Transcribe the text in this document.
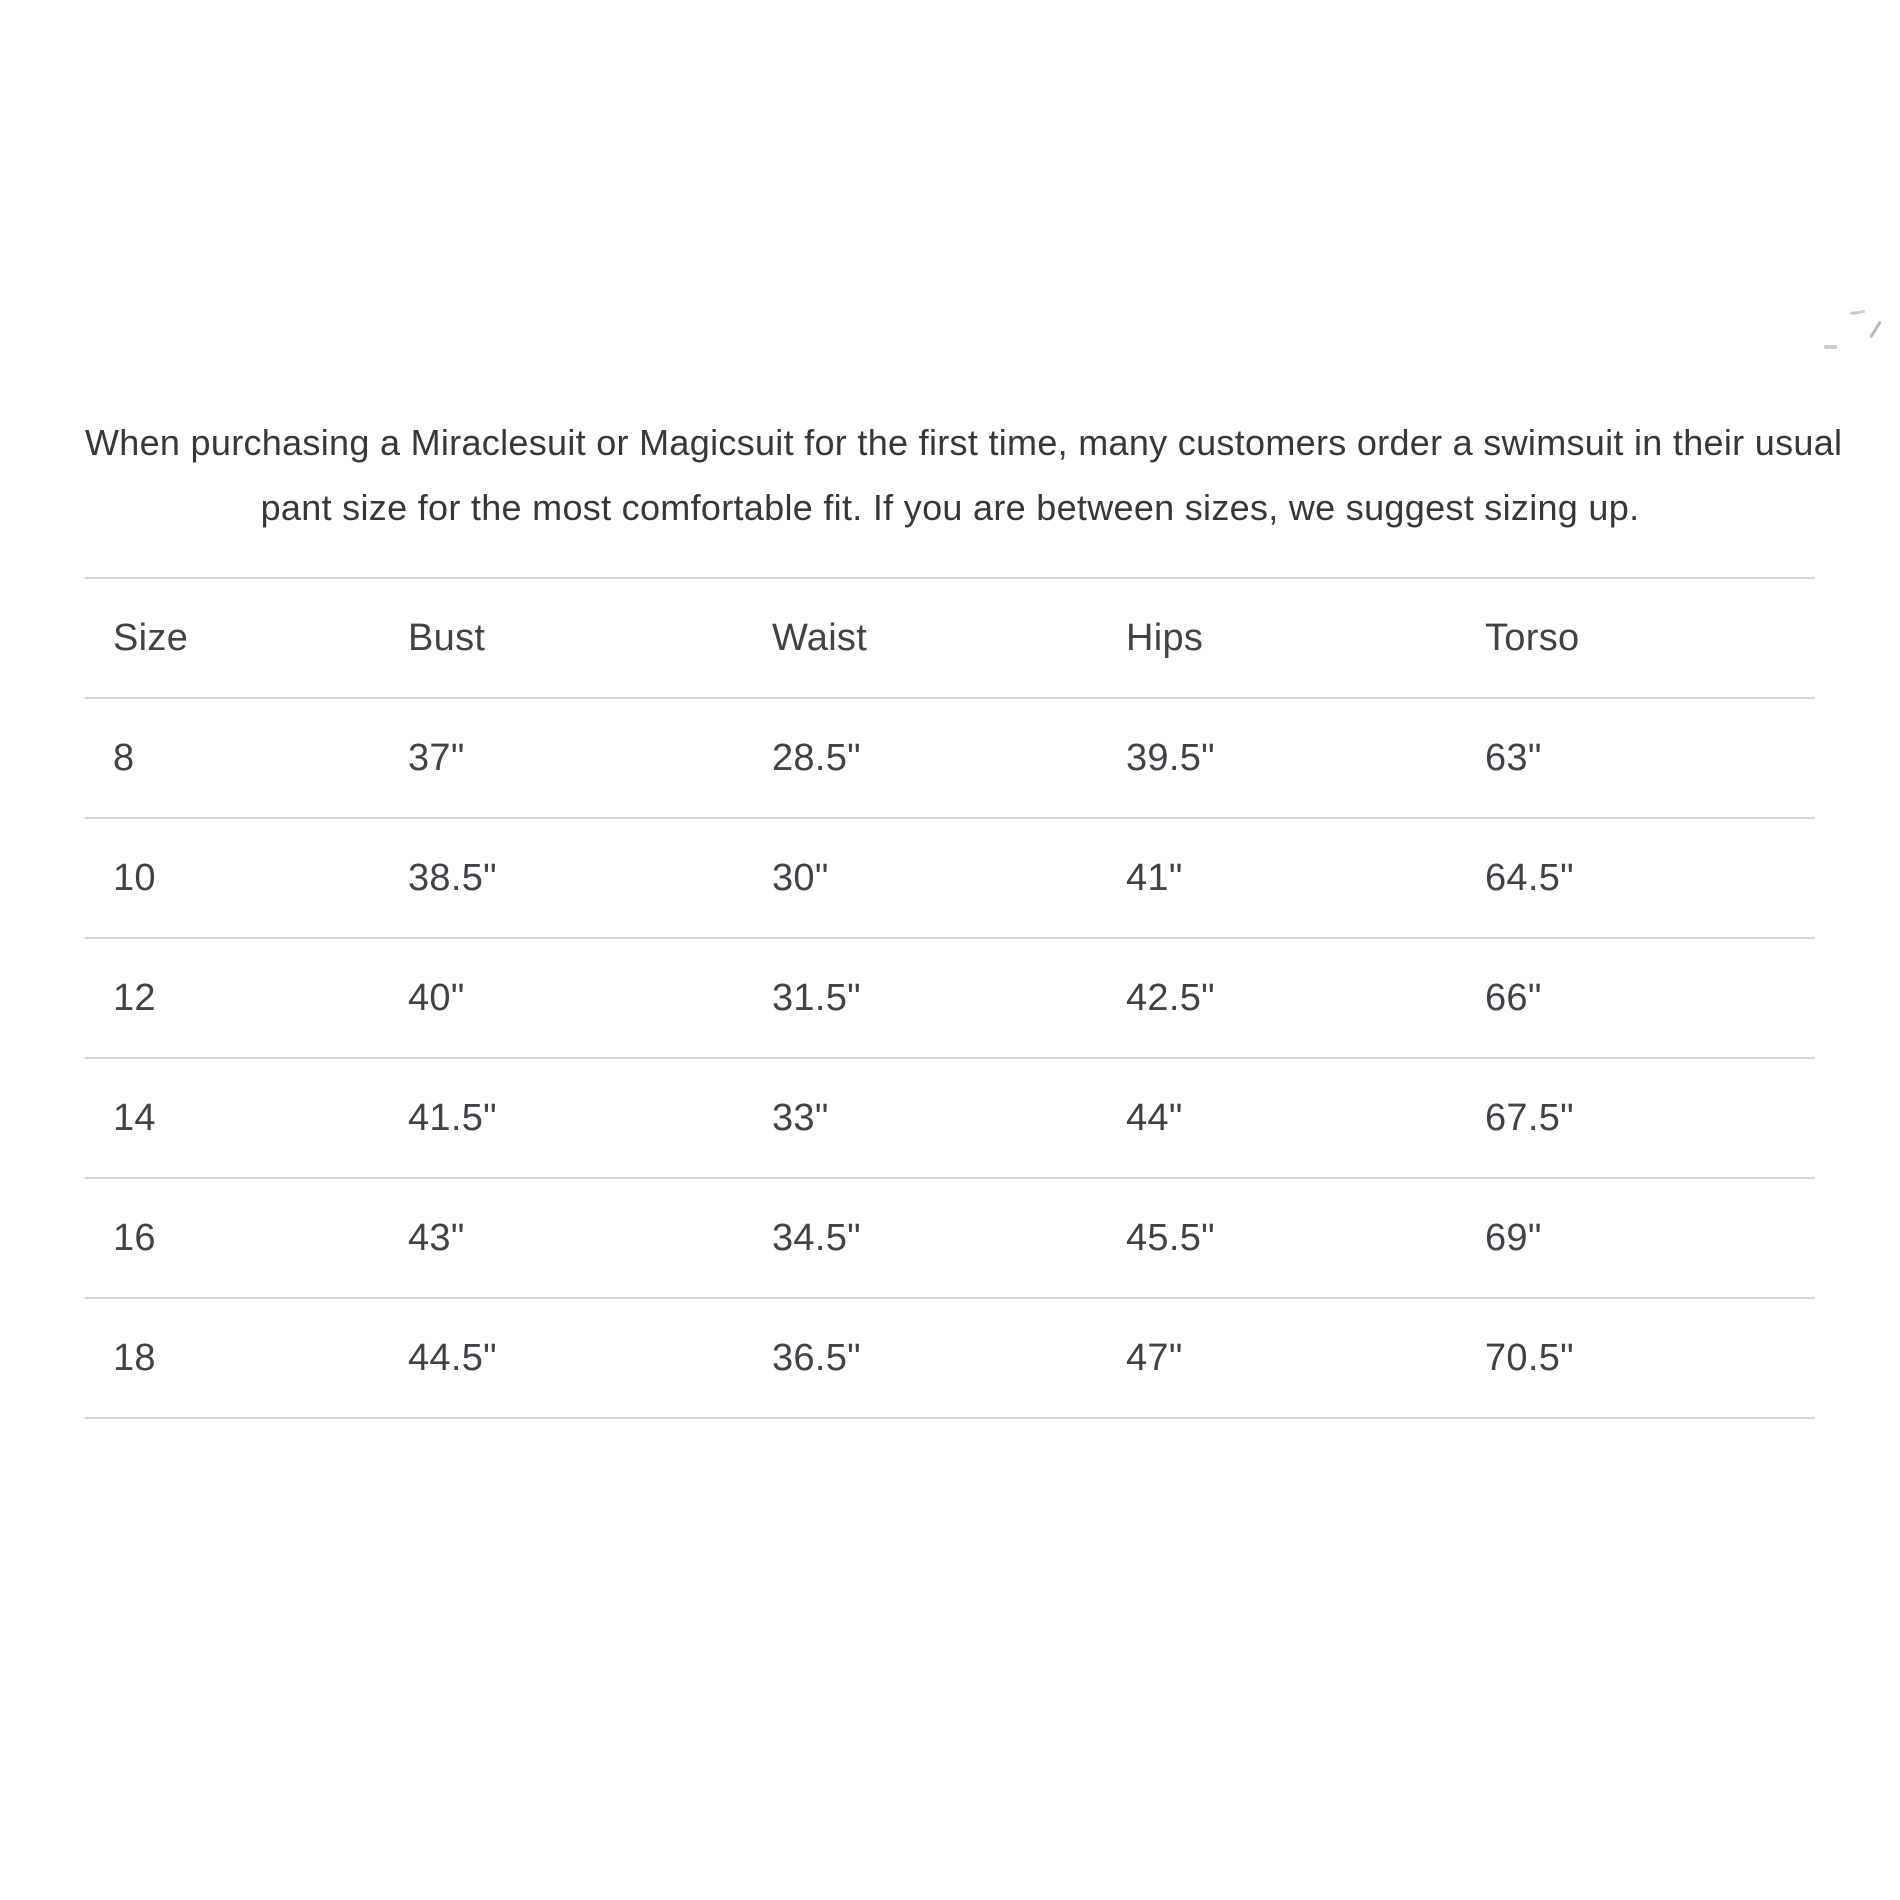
When purchasing a Miraclesuit or Magicsuit for the first time, many customers order a swimsuit in their usual
pant size for the most comfortable fit. If you are between sizes, we suggest sizing up.
Size	Bust	Waist	Hips	Torso
8	37"	28.5"	39.5"	63"
10	38.5"	30"	41"	64.5"
12	40"	31.5"	42.5"	66"
14	41.5"	33"	44"	67.5"
16	43"	34.5"	45.5"	69"
18	44.5"	36.5"	47"	70.5"
